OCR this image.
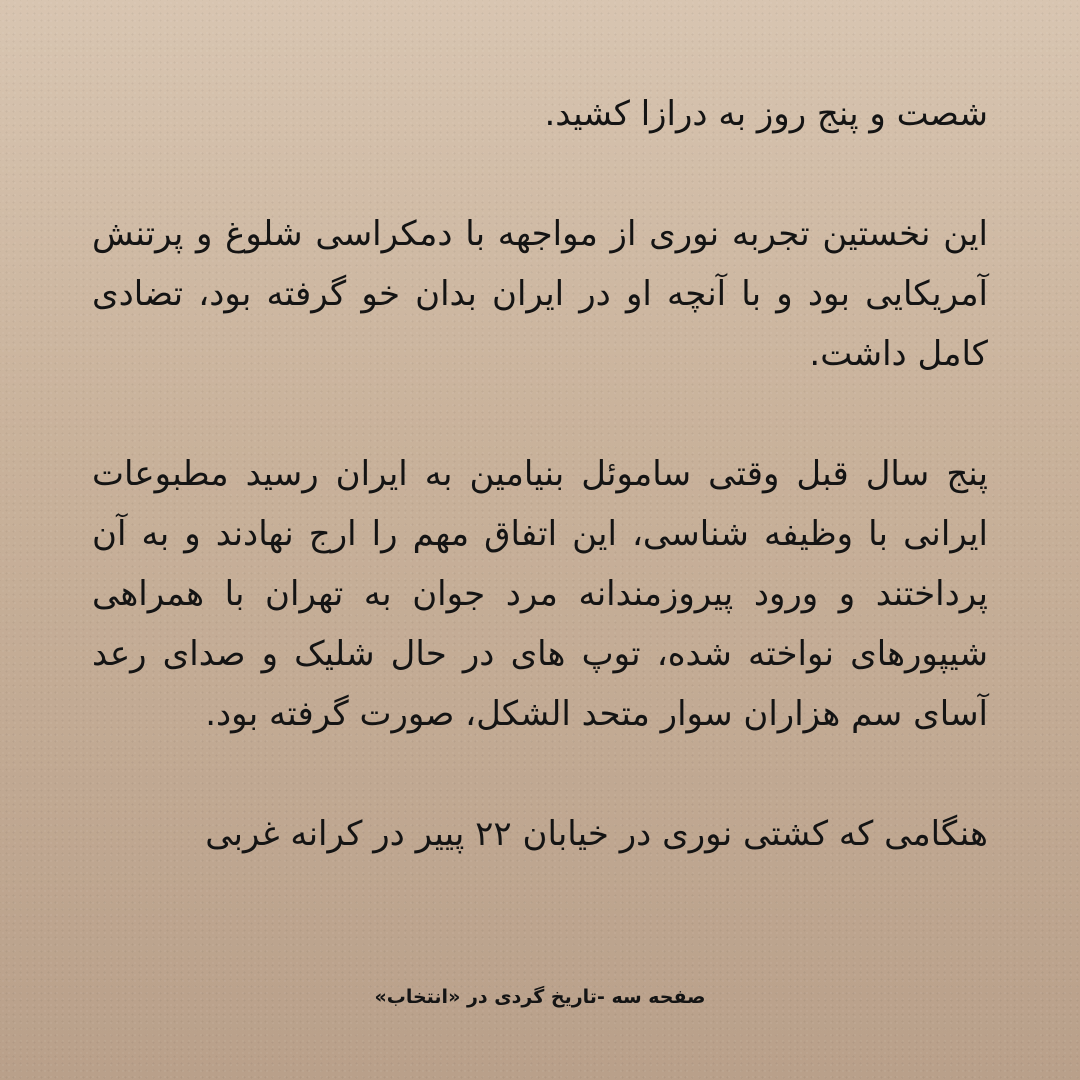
شصت و پنج روز به درازا کشید.

این نخستین تجربه نوری از مواجهه با دمکراسی شلوغ و پرتنش آمریکایی بود و با آنچه او در ایران بدان خو گرفته بود، تضادی کامل داشت.

پنج سال قبل وقتی ساموئل بنیامین به ایران رسید مطبوعات ایرانی با وظیفه شناسی، این اتفاق مهم را ارج نهادند و به آن پرداختند و ورود پیروزمندانه مرد جوان به تهران با همراهی شیپورهای نواخته شده، توپ های در حال شلیک و صدای رعد آسای سم هزاران سوار متحد الشکل، صورت گرفته بود.

هنگامی که کشتی نوری در خیابان ۲۲ پییر در کرانه غربی

صفحه سه -تاریخ گردی در «انتخاب»
